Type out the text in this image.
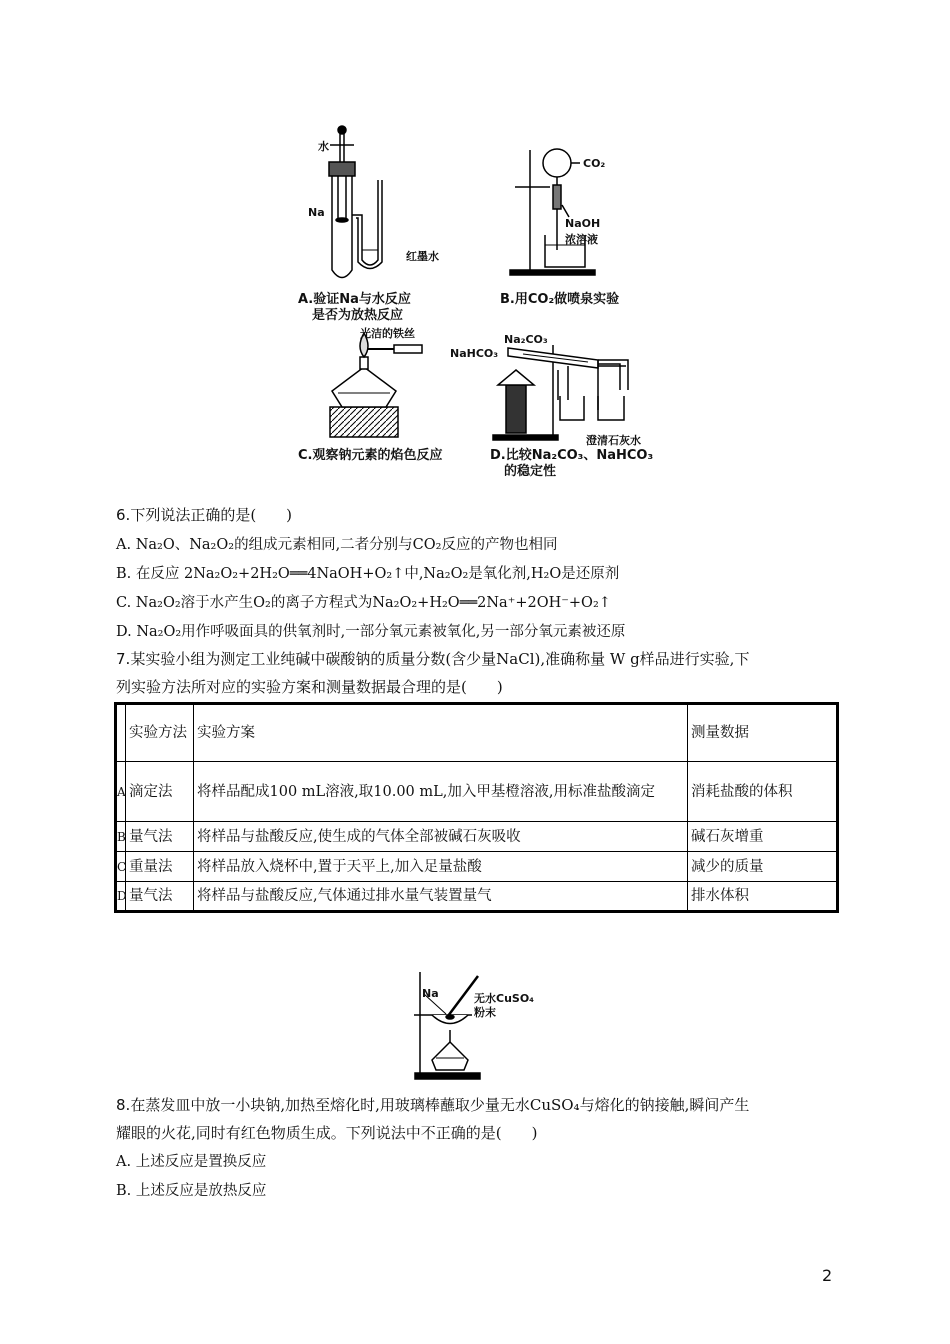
水
Na
红墨水
A.验证Na与水反应
是否为放热反应
CO₂
NaOH
浓溶液
B.用CO₂做喷泉实验
光洁的铁丝
C.观察钠元素的焰色反应
Na₂CO₃
NaHCO₃
澄清石灰水
D.比较Na₂CO₃、NaHCO₃
的稳定性
6.下列说法正确的是(　　)
A. Na₂O、Na₂O₂的组成元素相同,二者分别与CO₂反应的产物也相同
B. 在反应 2Na₂O₂+2H₂O══4NaOH+O₂↑中,Na₂O₂是氧化剂,H₂O是还原剂
C. Na₂O₂溶于水产生O₂的离子方程式为Na₂O₂+H₂O══2Na⁺+2OH⁻+O₂↑
D. Na₂O₂用作呼吸面具的供氧剂时,一部分氧元素被氧化,另一部分氧元素被还原
7.某实验小组为测定工业纯碱中碳酸钠的质量分数(含少量NaCl),准确称量 W g样品进行实验,下
列实验方法所对应的实验方案和测量数据最合理的是(　　)
	实验方法	实验方案	测量数据
A	滴定法	将样品配成100 mL溶液,取10.00 mL,加入甲基橙溶液,用标准盐酸滴定	消耗盐酸的体积
B	量气法	将样品与盐酸反应,使生成的气体全部被碱石灰吸收	碱石灰增重
C	重量法	将样品放入烧杯中,置于天平上,加入足量盐酸	减少的质量
D	量气法	将样品与盐酸反应,气体通过排水量气装置量气	排水体积
Na	无水CuSO₄
粉末
8.在蒸发皿中放一小块钠,加热至熔化时,用玻璃棒蘸取少量无水CuSO₄与熔化的钠接触,瞬间产生
耀眼的火花,同时有红色物质生成。下列说法中不正确的是(　　)
A. 上述反应是置换反应
B. 上述反应是放热反应
2
